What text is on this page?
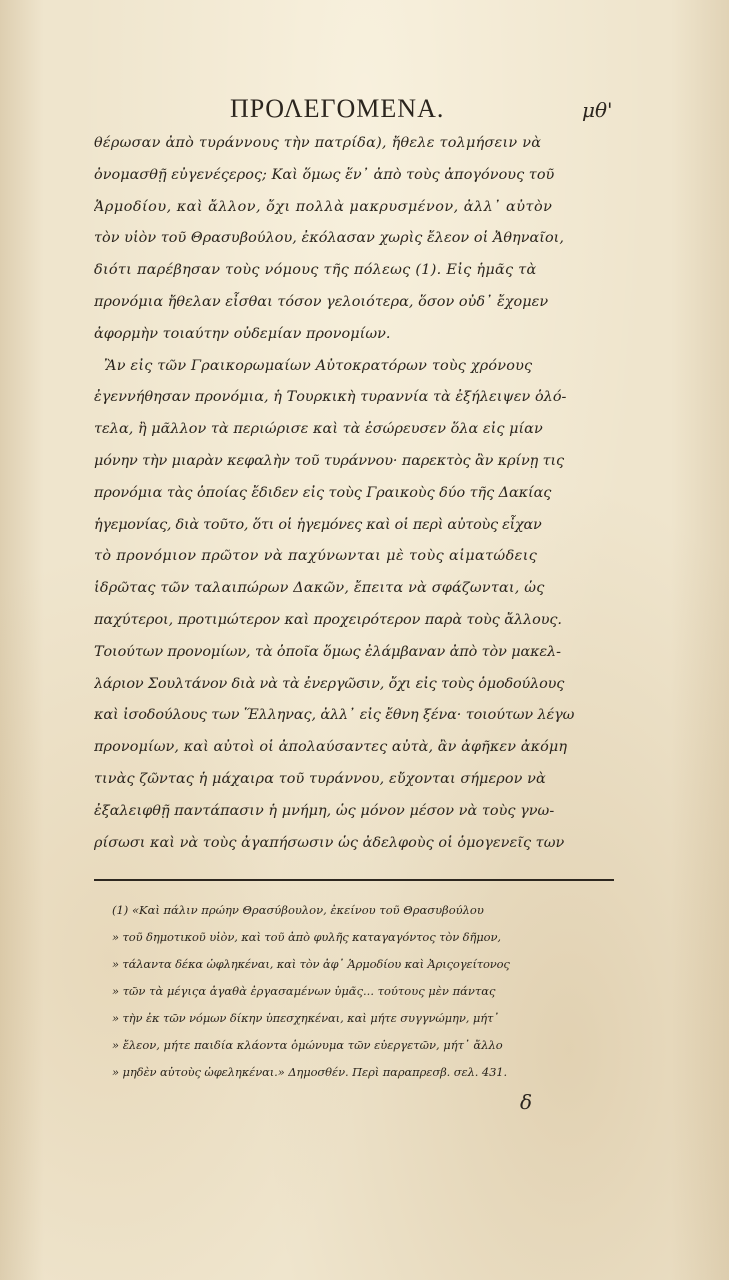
ΠΡΟΛΕΓΟΜΕΝΑ.	μθ'
θέρωσαν ἀπὸ τυράννους τὴν πατρίδα), ἤθελε τολμήσειν νὰ
ὀνομασθῇ εὐγενέςερος; Καὶ ὅμως ἕν᾽ ἀπὸ τοὺς ἀπογόνους τοῦ
Ἁρμοδίου, καὶ ἄλλον, ὄχι πολλὰ μακρυσμένον, ἀλλ᾽ αὐτὸν
τὸν υἱὸν τοῦ Θρασυβούλου, ἐκόλασαν χωρὶς ἔλεον οἱ Ἀθηναῖοι,
διότι παρέβησαν τοὺς νόμους τῆς πόλεως (1). Εἰς ἡμᾶς τὰ
προνόμια ἤθελαν εἶσθαι τόσον γελοιότερα, ὅσον οὐδ᾽ ἔχομεν
ἀφορμὴν τοιαύτην οὐδεμίαν προνομίων.
Ἂν εἰς τῶν Γραικορωμαίων Αὐτοκρατόρων τοὺς χρόνους
ἐγεννήθησαν προνόμια, ἡ Τουρκικὴ τυραννία τὰ ἐξήλειψεν ὁλό-
τελα, ἢ μᾶλλον τὰ περιώρισε καὶ τὰ ἐσώρευσεν ὅλα εἰς μίαν
μόνην τὴν μιαρὰν κεφαλὴν τοῦ τυράννου· παρεκτὸς ἂν κρίνῃ τις
προνόμια τὰς ὁποίας ἔδιδεν εἰς τοὺς Γραικοὺς δύο τῆς Δακίας
ἡγεμονίας, διὰ τοῦτο, ὅτι οἱ ἡγεμόνες καὶ οἱ περὶ αὐτοὺς εἶχαν
τὸ προνόμιον πρῶτον νὰ παχύνωνται μὲ τοὺς αἱματώδεις
ἱδρῶτας τῶν ταλαιπώρων Δακῶν, ἔπειτα νὰ σφάζωνται, ὡς
παχύτεροι, προτιμώτερον καὶ προχειρότερον παρὰ τοὺς ἄλλους.
Τοιούτων προνομίων, τὰ ὁποῖα ὅμως ἐλάμβαναν ἀπὸ τὸν μακελ-
λάριον Σουλτάνον διὰ νὰ τὰ ἐνεργῶσιν, ὄχι εἰς τοὺς ὁμοδούλους
καὶ ἰσοδούλους των Ἕλληνας, ἀλλ᾽ εἰς ἔθνη ξένα· τοιούτων λέγω
προνομίων, καὶ αὐτοὶ οἱ ἀπολαύσαντες αὐτὰ, ἂν ἀφῆκεν ἀκόμη
τινὰς ζῶντας ἡ μάχαιρα τοῦ τυράννου, εὔχονται σήμερον νὰ
ἐξαλειφθῇ παντάπασιν ἡ μνήμη, ὡς μόνον μέσον νὰ τοὺς γνω-
ρίσωσι καὶ νὰ τοὺς ἀγαπήσωσιν ὡς ἀδελφοὺς οἱ ὁμογενεῖς των
(1) «Καὶ πάλιν πρώην Θρασύβουλον, ἐκείνου τοῦ Θρασυβούλου
» τοῦ δημοτικοῦ υἱὸν, καὶ τοῦ ἀπὸ φυλῆς καταγαγόντος τὸν δῆμον,
» τάλαντα δέκα ὠφληκέναι, καὶ τὸν ἀφ᾽ Ἁρμοδίου καὶ Ἀριςογείτονος
» τῶν τὰ μέγιςα ἀγαθὰ ἐργασαμένων ὑμᾶς... τούτους μὲν πάντας
» τὴν ἐκ τῶν νόμων δίκην ὑπεσχηκέναι, καὶ μήτε συγγνώμην, μήτ᾽
» ἔλεον, μήτε παιδία κλάοντα ὁμώνυμα τῶν εὐεργετῶν, μήτ᾽ ἄλλο
» μηδὲν αὐτοὺς ὠφεληκέναι.» Δημοσθέν. Περὶ παραπρεσβ. σελ. 431.
δ
